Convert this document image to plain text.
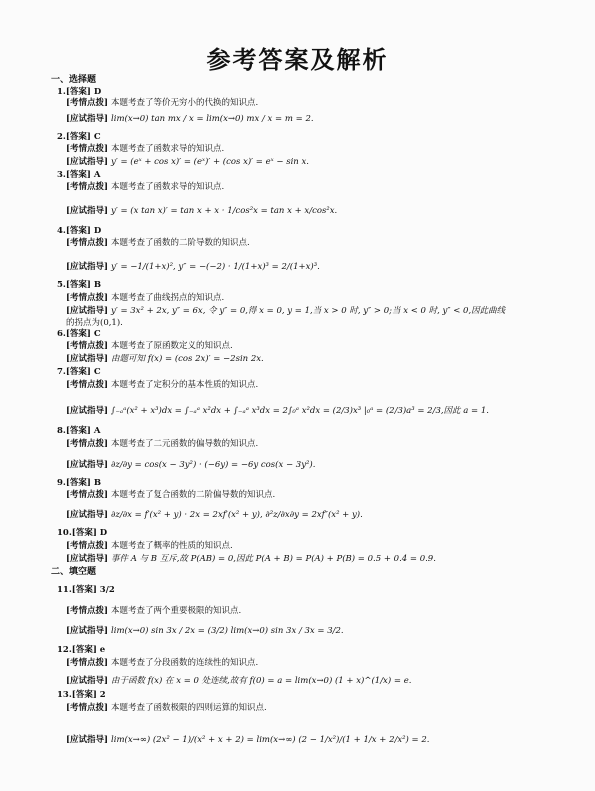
参考答案及解析
一、选择题
1.[答案] D
[考情点拨] 本题考查了等价无穷小的代换的知识点.
[应试指导] lim(x→0) tan mx / x = lim(x→0) mx / x = m = 2.
2.[答案] C
[考情点拨] 本题考查了函数求导的知识点.
[应试指导] y′ = (eˣ + cos x)′ = (eˣ)′ + (cos x)′ = eˣ − sin x.
3.[答案] A
[考情点拨] 本题考查了函数求导的知识点.
[应试指导] y′ = (x tan x)′ = tan x + x · 1/cos²x = tan x + x/cos²x.
4.[答案] D
[考情点拨] 本题考查了函数的二阶导数的知识点.
[应试指导] y′ = −1/(1+x)², y″ = −(−2) · 1/(1+x)³ = 2/(1+x)³.
5.[答案] B
[考情点拨] 本题考查了曲线拐点的知识点.
[应试指导] y′ = 3x² + 2x, y″ = 6x, 令 y″ = 0,得 x = 0, y = 1,当 x > 0 时, y″ > 0;当 x < 0 时, y″ < 0,因此曲线
的拐点为(0,1).
6.[答案] C
[考情点拨] 本题考查了原函数定义的知识点.
[应试指导] 由题可知 f(x) = (cos 2x)′ = −2sin 2x.
7.[答案] C
[考情点拨] 本题考查了定积分的基本性质的知识点.
[应试指导] ∫₋ₐᵃ(x² + x³)dx = ∫₋ₐᵃ x²dx + ∫₋ₐᵃ x³dx = 2∫₀ᵃ x²dx = (2/3)x³ |₀ᵃ = (2/3)a³ = 2/3,因此 a = 1.
8.[答案] A
[考情点拨] 本题考查了二元函数的偏导数的知识点.
[应试指导] ∂z/∂y = cos(x − 3y²) · (−6y) = −6y cos(x − 3y²).
9.[答案] B
[考情点拨] 本题考查了复合函数的二阶偏导数的知识点.
[应试指导] ∂z/∂x = f′(x² + y) · 2x = 2xf′(x² + y), ∂²z/∂x∂y = 2xf″(x² + y).
10.[答案] D
[考情点拨] 本题考查了概率的性质的知识点.
[应试指导] 事件 A 与 B 互斥,故 P(AB) = 0,因此 P(A + B) = P(A) + P(B) = 0.5 + 0.4 = 0.9.
二、填空题
11.[答案] 3/2
[考情点拨] 本题考查了两个重要极限的知识点.
[应试指导] lim(x→0) sin 3x / 2x = (3/2) lim(x→0) sin 3x / 3x = 3/2.
12.[答案] e
[考情点拨] 本题考查了分段函数的连续性的知识点.
[应试指导] 由于函数 f(x) 在 x = 0 处连续,故有 f(0) = a = lim(x→0) (1 + x)^(1/x) = e.
13.[答案] 2
[考情点拨] 本题考查了函数极限的四则运算的知识点.
[应试指导] lim(x→∞) (2x² − 1)/(x² + x + 2) = lim(x→∞) (2 − 1/x²)/(1 + 1/x + 2/x²) = 2.
